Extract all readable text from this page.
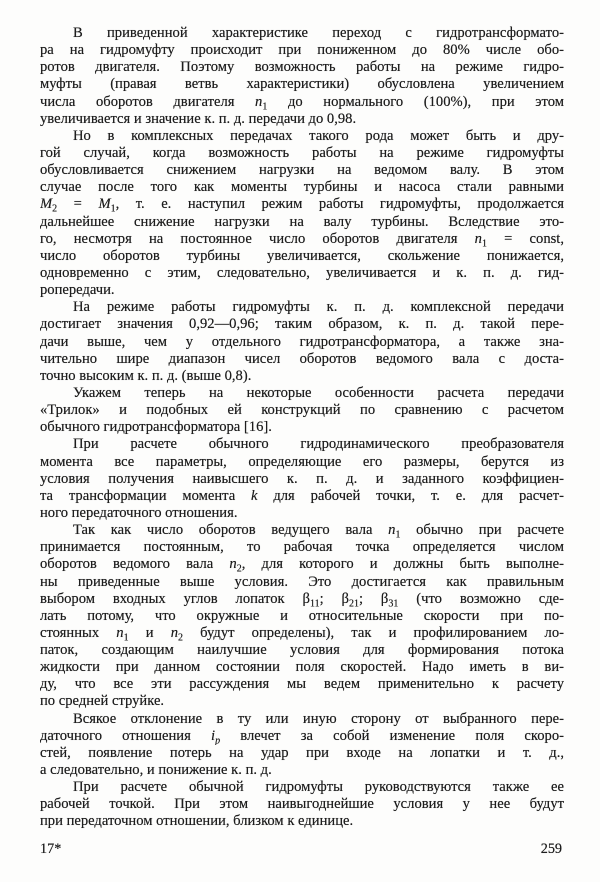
В приведенной характеристике переход с гидротрансформато-
ра на гидромуфту происходит при пониженном до 80% числе обо-
ротов двигателя. Поэтому возможность работы на режиме гидро-
муфты (правая ветвь характеристики) обусловлена увеличением
числа оборотов двигателя $n_1$ до нормального (100%), при этом
увеличивается и значение к. п. д. передачи до 0,98.
Но в комплексных передачах такого рода может быть и дру-
гой случай, когда возможность работы на режиме гидромуфты
обусловливается снижением нагрузки на ведомом валу. В этом
случае после того как моменты турбины и насоса стали равными
$M_2 = M_1$, т. е. наступил режим работы гидромуфты, продолжается
дальнейшее снижение нагрузки на валу турбины. Вследствие это-
го, несмотря на постоянное число оборотов двигателя $n_1$ = const,
число оборотов турбины увеличивается, скольжение понижается,
одновременно с этим, следовательно, увеличивается и к. п. д. гид-
ропередачи.
На режиме работы гидромуфты к. п. д. комплексной передачи
достигает значения 0,92—0,96; таким образом, к. п. д. такой пере-
дачи выше, чем у отдельного гидротрансформатора, а также зна-
чительно шире диапазон чисел оборотов ведомого вала с доста-
точно высоким к. п. д. (выше 0,8).
Укажем теперь на некоторые особенности расчета передачи
«Трилок» и подобных ей конструкций по сравнению с расчетом
обычного гидротрансформатора [16].
При расчете обычного гидродинамического преобразователя
момента все параметры, определяющие его размеры, берутся из
условия получения наивысшего к. п. д. и заданного коэффициен-
та трансформации момента k для рабочей точки, т. е. для расчет-
ного передаточного отношения.
Так как число оборотов ведущего вала $n_1$ обычно при расчете
принимается постоянным, то рабочая точка определяется числом
оборотов ведомого вала $n_2$, для которого и должны быть выполне-
ны приведенные выше условия. Это достигается как правильным
выбором входных углов лопаток $\beta_{11}$; $\beta_{21}$; $\beta_{31}$ (что возможно сде-
лать потому, что окружные и относительные скорости при по-
стоянных $n_1$ и $n_2$ будут определены), так и профилированием ло-
паток, создающим наилучшие условия для формирования потока
жидкости при данном состоянии поля скоростей. Надо иметь в ви-
ду, что все эти рассуждения мы ведем применительно к расчету
по средней струйке.
Всякое отклонение в ту или иную сторону от выбранного пере-
даточного отношения $i_р$ влечет за собой изменение поля скоро-
стей, появление потерь на удар при входе на лопатки и т. д.,
а следовательно, и понижение к. п. д.
При расчете обычной гидромуфты руководствуются также ее
рабочей точкой. При этом наивыгоднейшие условия у нее будут
при передаточном отношении, близком к единице.
17*	259
